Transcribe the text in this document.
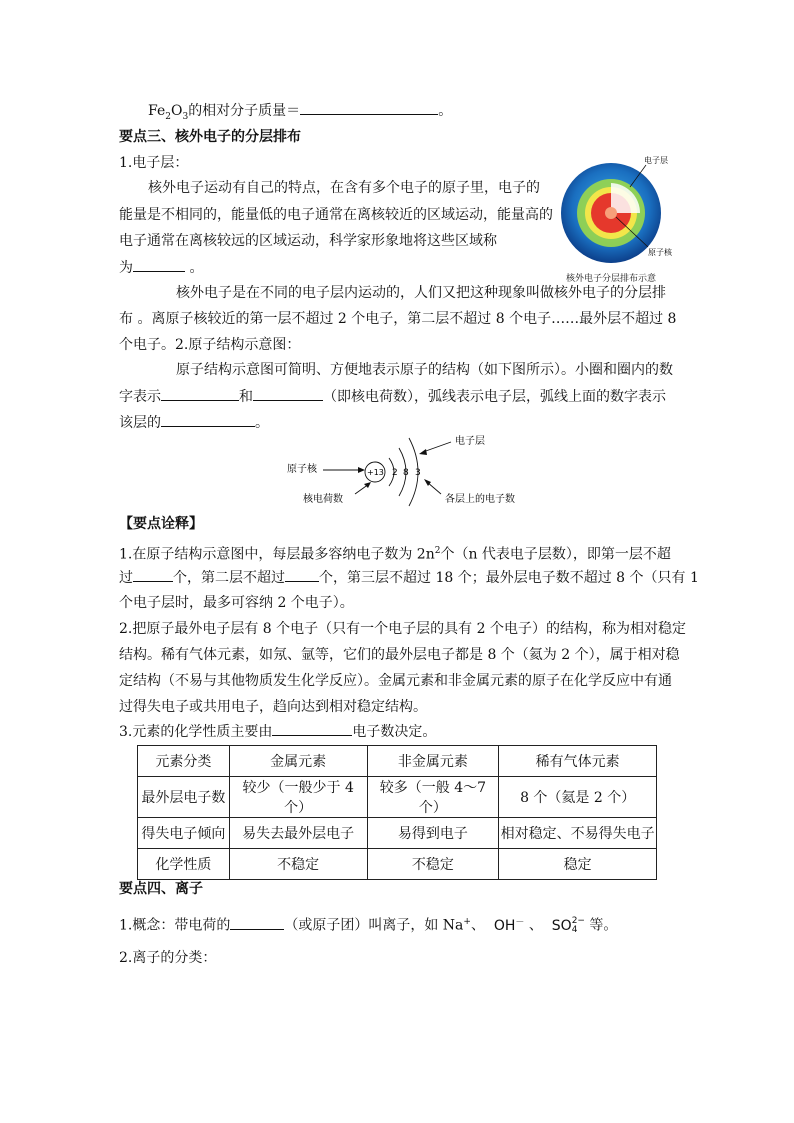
$Fe_2O_3$的相对分子质量＝	。
要点三、核外电子的分层排布
1.电子层：
核外电子运动有自己的特点，在含有多个电子的原子里，电子的
能量是不相同的，能量低的电子通常在离核较近的区域运动，能量高的
电子通常在离核较远的区域运动，科学家形象地将这些区域称
为	。
电子层
原子核
核外电子分层排布示意
核外电子是在不同的电子层内运动的，人们又把这种现象叫做核外电子的分层排
布 。离原子核较近的第一层不超过 2 个电子，第二层不超过 8 个电子……最外层不超过 8
个电子。2.原子结构示意图：
原子结构示意图可简明、方便地表示原子的结构（如下图所示）。小圈和圈内的数
字表示	和	（即核电荷数），弧线表示电子层，弧线上面的数字表示
该层的	。
原子核	+13 2 8 3
电子层
核电荷数	各层上的电子数
【要点诠释】
1.在原子结构示意图中，每层最多容纳电子数为 $2n^2$个（n 代表电子层数），即第一层不超
过	个，第二层不超过 个，第三层不超过 18 个；最外层电子数不超过 8 个（只有 1
个电子层时，最多可容纳 2 个电子）。
2.把原子最外电子层有 8 个电子（只有一个电子层的具有 2 个电子）的结构，称为相对稳定
结构。稀有气体元素，如氖、氩等，它们的最外层电子都是 8 个（氦为 2 个），属于相对稳
定结构（不易与其他物质发生化学反应）。金属元素和非金属元素的原子在化学反应中有通
过得失电子或共用电子，趋向达到相对稳定结构。
3.元素的化学性质主要由	电子数决定。
元素分类	金属元素	非金属元素	稀有气体元素
最外层电子数	较少（一般少于 4 个）	较多（一般 4～7 个）	8 个（氦是 2 个）
得失电子倾向	易失去最外层电子	易得到电子	相对稳定、不易得失电子
化学性质	不稳定	不稳定	稳定
要点四、离子
1.概念：带电荷的	（或原子团）叫离子，如 Na+、 OH－ 、 SO 2−
4 等。
2.离子的分类：
